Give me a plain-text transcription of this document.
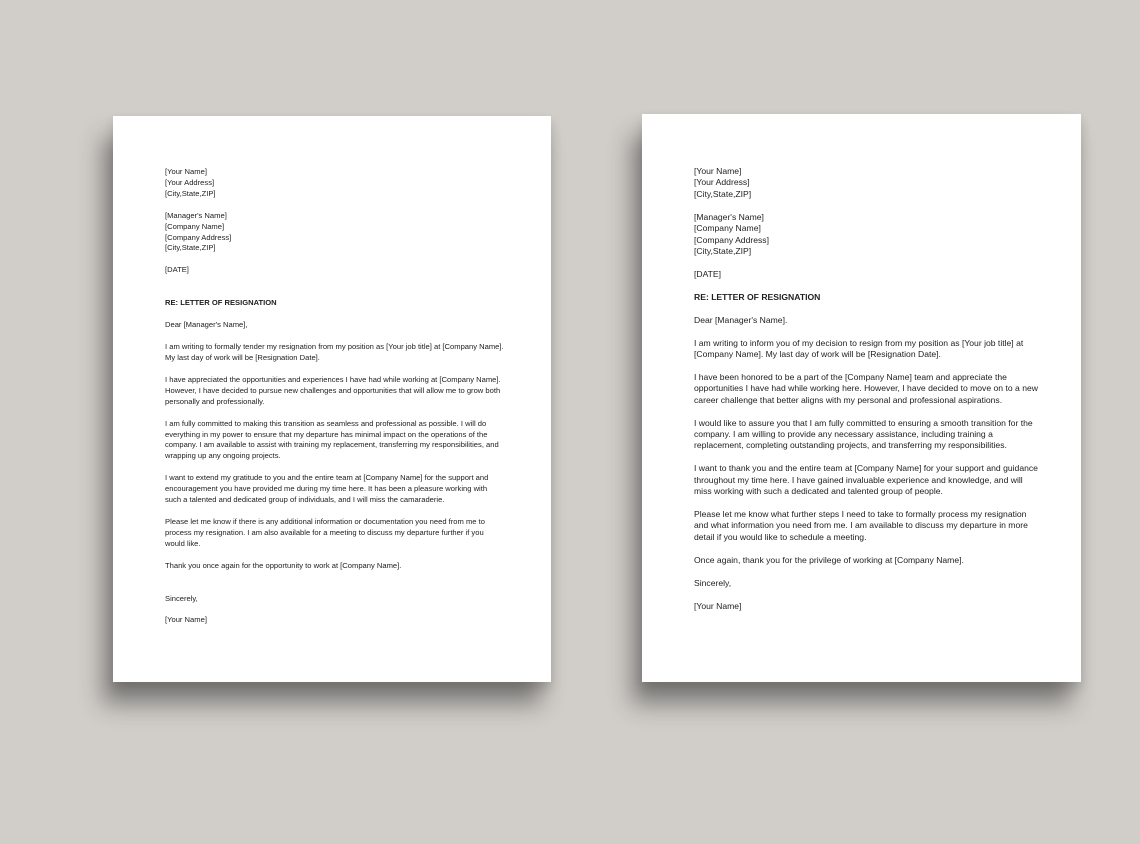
[Your Name]
[Your Address]
[City,State,ZIP]
[Manager's Name]
[Company Name]
[Company Address]
[City,State,ZIP]

[DATE]

RE: LETTER OF RESIGNATION

Dear [Manager's Name],

I am writing to formally tender my resignation from my position as [Your job title] at [Company Name]. My last day of work will be [Resignation Date].

I have appreciated the opportunities and experiences I have had while working at [Company Name]. However, I have decided to pursue new challenges and opportunities that will allow me to grow both personally and professionally.

I am fully committed to making this transition as seamless and professional as possible. I will do everything in my power to ensure that my departure has minimal impact on the operations of the company. I am available to assist with training my replacement, transferring my responsibilities, and wrapping up any ongoing projects.

I want to extend my gratitude to you and the entire team at [Company Name] for the support and encouragement you have provided me during my time here. It has been a pleasure working with such a talented and dedicated group of individuals, and I will miss the camaraderie.

Please let me know if there is any additional information or documentation you need from me to process my resignation. I am also available for a meeting to discuss my departure further if you would like.

Thank you once again for the opportunity to work at [Company Name].

Sincerely,

[Your Name]

[Your Name]
[Your Address]
[City,State,ZIP]
[Manager's Name]
[Company Name]
[Company Address]
[City,State,ZIP]

[DATE]

RE: LETTER OF RESIGNATION

Dear [Manager's Name].

I am writing to inform you of my decision to resign from my position as [Your job title] at [Company Name]. My last day of work will be [Resignation Date].

I have been honored to be a part of the [Company Name] team and appreciate the opportunities I have had while working here. However, I have decided to move on to a new career challenge that better aligns with my personal and professional aspirations.

I would like to assure you that I am fully committed to ensuring a smooth transition for the company. I am willing to provide any necessary assistance, including training a replacement, completing outstanding projects, and transferring my responsibilities.

I want to thank you and the entire team at [Company Name] for your support and guidance throughout my time here. I have gained invaluable experience and knowledge, and will miss working with such a dedicated and talented group of people.

Please let me know what further steps I need to take to formally process my resignation and what information you need from me. I am available to discuss my departure in more detail if you would like to schedule a meeting.

Once again, thank you for the privilege of working at [Company Name].

Sincerely,

[Your Name]
